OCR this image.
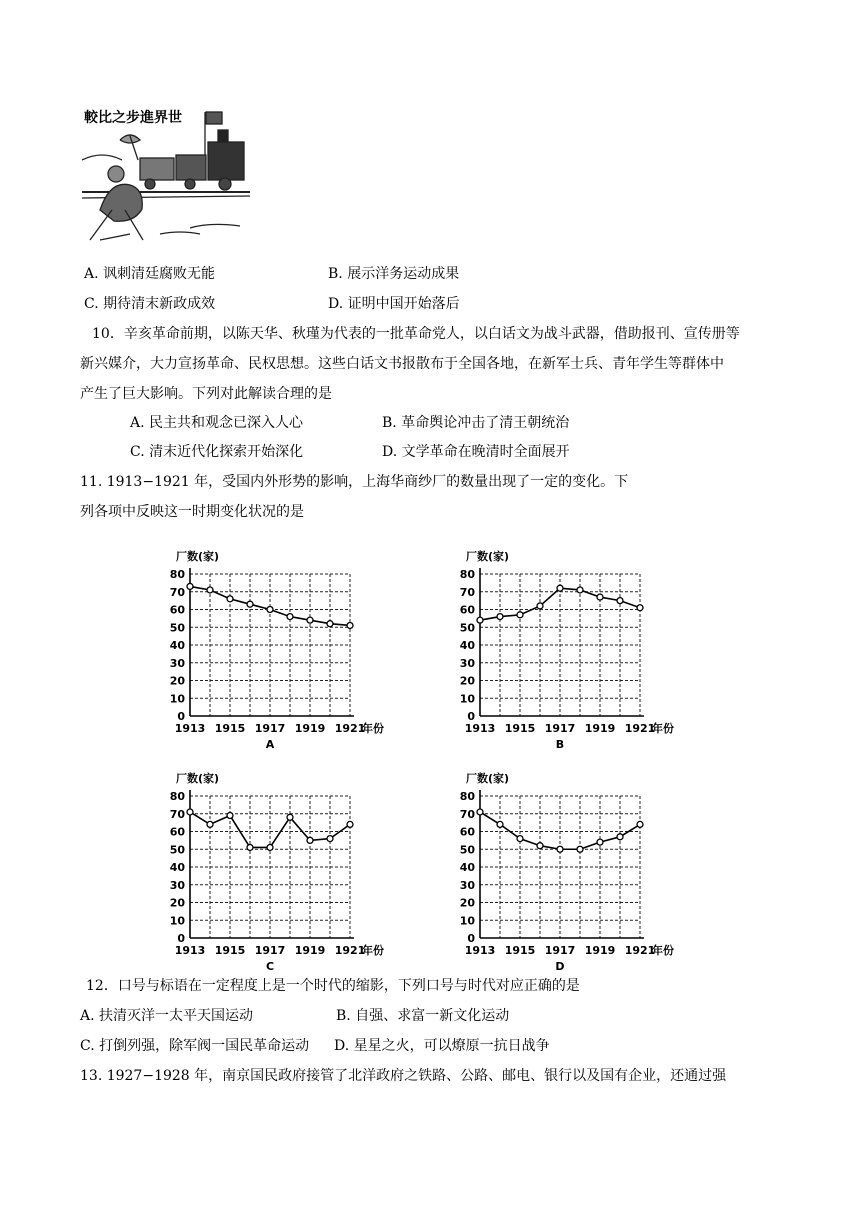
較比之步進界世
A. 讽刺清廷腐败无能	B. 展示洋务运动成果
C. 期待清末新政成效	D. 证明中国开始落后
10．辛亥革命前期，以陈天华、秋瑾为代表的一批革命党人，以白话文为战斗武器，借助报刊、宣传册等
新兴媒介，大力宣扬革命、民权思想。这些白话文书报散布于全国各地，在新军士兵、青年学生等群体中
产生了巨大影响。下列对此解读合理的是
A. 民主共和观念已深入人心	B. 革命舆论冲击了清王朝统治
C. 清末近代化探索开始深化	D. 文学革命在晚清时全面展开
11. 1913−1921 年，受国内外形势的影响，上海华商纱厂的数量出现了一定的变化。下
列各项中反映这一时期变化状况的是
0
10
20
30
40
50
60
70
80
1913 1915 1917 1919 1921
厂数(家)
年份
A
0
10
20
30
40
50
60
70
80
1913 1915 1917 1919 1921
厂数(家)
年份
B
0
10
20
30
40
50
60
70
80
1913 1915 1917 1919 1921
厂数(家)
年份
C
0
10
20
30
40
50
60
70
80
1913 1915 1917 1919 1921
厂数(家)
年份
D
12．口号与标语在一定程度上是一个时代的缩影，下列口号与时代对应正确的是
A. 扶清灭洋一太平天国运动	B. 自强、求富一新文化运动
C. 打倒列强，除军阀一国民革命运动 D. 星星之火，可以燎原一抗日战争
13. 1927−1928 年，南京国民政府接管了北洋政府之铁路、公路、邮电、银行以及国有企业，还通过强
